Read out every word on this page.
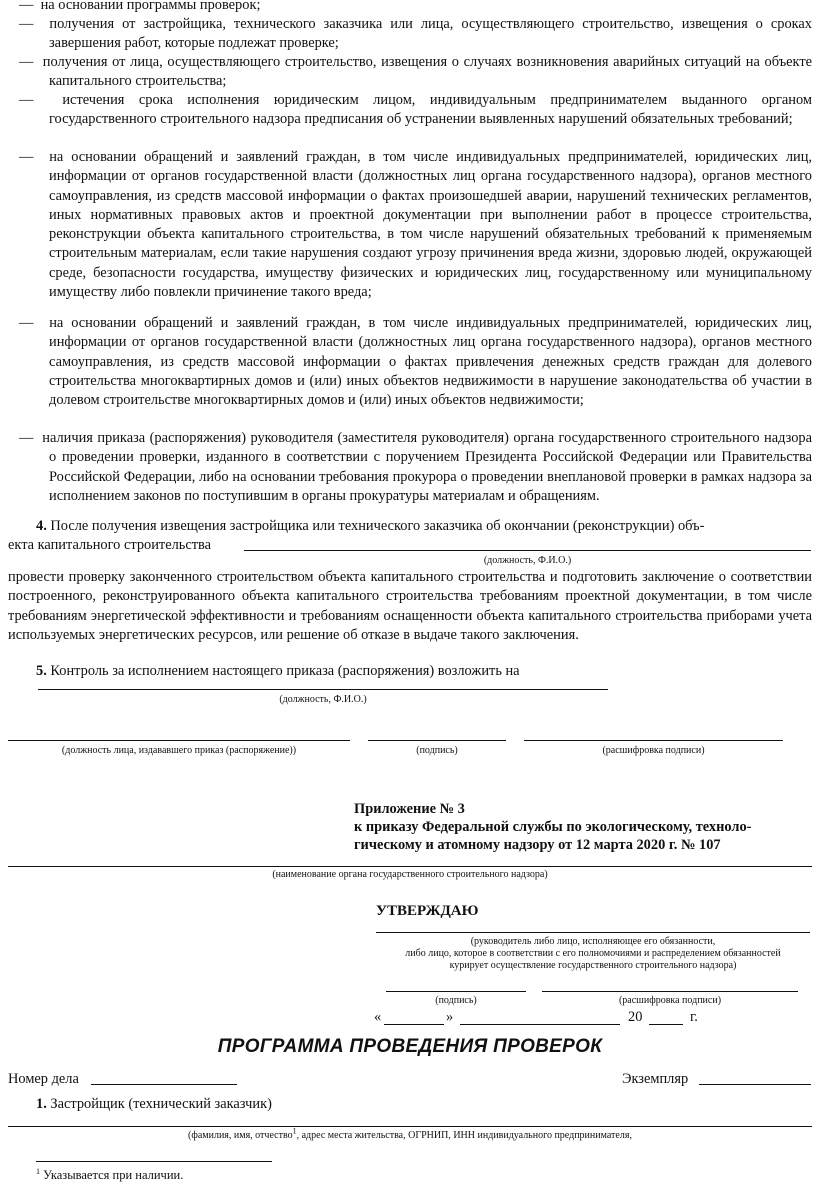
—  на основании программы проверок;
—  получения от застройщика, технического заказчика или лица, осуществляющего строительство, извещения о сроках завершения работ, которые подлежат проверке;
—  получения от лица, осуществляющего строительство, извещения о случаях возникновения аварийных ситуаций на объекте капитального строительства;
—  истечения срока исполнения юридическим лицом, индивидуальным предпринимателем выданного органом государственного строительного надзора предписания об устранении выявленных нарушений обязательных требований;
—  на основании обращений и заявлений граждан, в том числе индивидуальных предпринимателей, юридических лиц, информации от органов государственной власти (должностных лиц органа государственного надзора), органов местного самоуправления, из средств массовой информации о фактах произошедшей аварии, нарушений технических регламентов, иных нормативных правовых актов и проектной документации при выполнении работ в процессе строительства, реконструкции объекта капитального строительства, в том числе нарушений обязательных требований к применяемым строительным материалам, если такие нарушения создают угрозу причинения вреда жизни, здоровью людей, окружающей среде, безопасности государства, имуществу физических и юридических лиц, государственному или муниципальному имуществу либо повлекли причинение такого вреда;
—  на основании обращений и заявлений граждан, в том числе индивидуальных предпринимателей, юридических лиц, информации от органов государственной власти (должностных лиц органа государственного надзора), органов местного самоуправления, из средств массовой информации о фактах привлечения денежных средств граждан для долевого строительства многоквартирных домов и (или) иных объектов недвижимости в нарушение законодательства об участии в долевом строительстве многоквартирных домов и (или) иных объектов недвижимости;
—  наличия приказа (распоряжения) руководителя (заместителя руководителя) органа государственного строительного надзора о проведении проверки, изданного в соответствии с поручением Президента Российской Федерации или Правительства Российской Федерации, либо на основании требования прокурора о проведении внеплановой проверки в рамках надзора за исполнением законов по поступившим в органы прокуратуры материалам и обращениям.
4. После получения извещения застройщика или технического заказчика об окончании (реконструкции) объ-
екта капитального строительства
(должность, Ф.И.О.)
провести проверку законченного строительством объекта капитального строительства и подготовить заключение о соответствии построенного, реконструированного объекта капитального строительства требованиям проектной документации, в том числе требованиям энергетической эффективности и требованиям оснащенности объекта капитального строительства приборами учета используемых энергетических ресурсов, или решение об отказе в выдаче такого заключения.
5. Контроль за исполнением настоящего приказа (распоряжения) возложить на
(должность, Ф.И.О.)
(должность лица, издававшего приказ (распоряжение))	(подпись)	(расшифровка подписи)
Приложение № 3
к приказу Федеральной службы по экологическому, техноло-
гическому и атомному надзору от 12 марта 2020 г. № 107
(наименование органа государственного строительного надзора)
УТВЕРЖДАЮ
(руководитель либо лицо, исполняющее его обязанности,
либо лицо, которое в соответствии с его полномочиями и распределением обязанностей
курирует осуществление государственного строительного надзора)
(подпись)	(расшифровка подписи)
«	»	20	г.
ПРОГРАММА ПРОВЕДЕНИЯ ПРОВЕРОК
Номер дела	Экземпляр
1. Застройщик (технический заказчик)
(фамилия, имя, отчество$^1$, адрес места жительства, ОГРНИП, ИНН индивидуального предпринимателя,
$^1$ Указывается при наличии.
